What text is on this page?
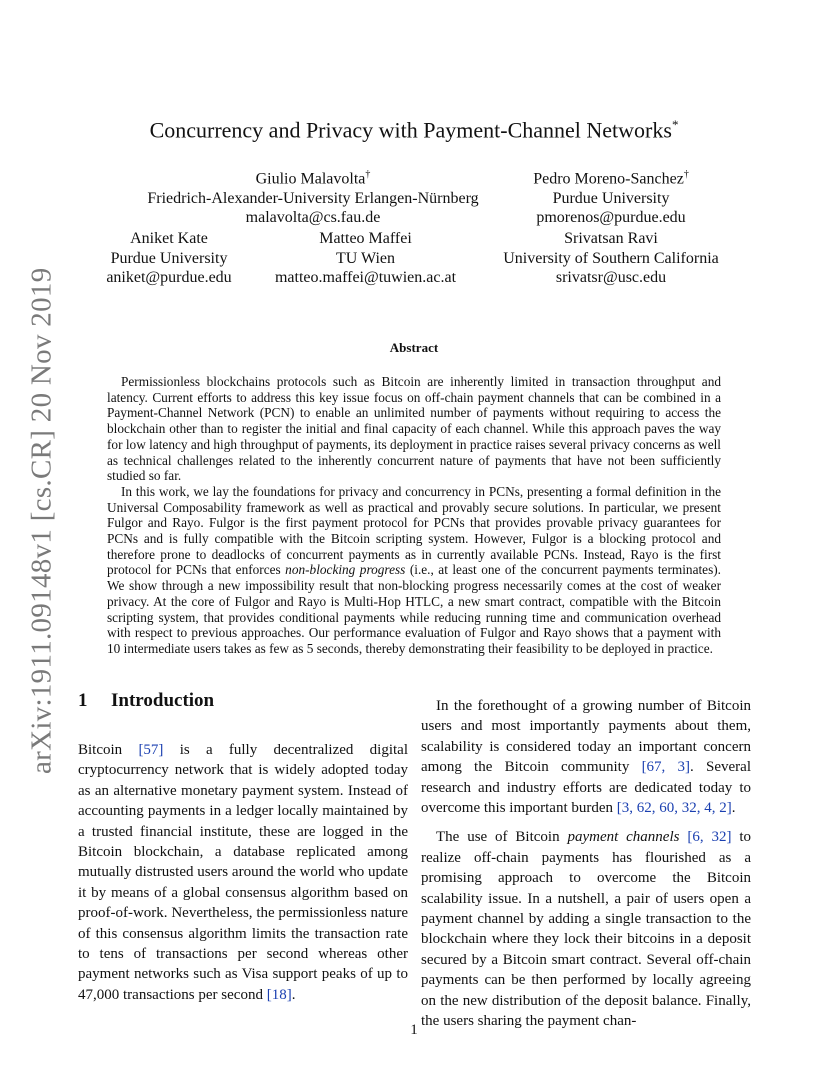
arXiv:1911.09148v1 [cs.CR] 20 Nov 2019
Concurrency and Privacy with Payment-Channel Networks*
Giulio Malavolta†
Friedrich-Alexander-University Erlangen-Nürnberg
malavolta@cs.fau.de
Pedro Moreno-Sanchez†
Purdue University
pmorenos@purdue.edu
Aniket Kate
Purdue University
aniket@purdue.edu
Matteo Maffei
TU Wien
matteo.maffei@tuwien.ac.at
Srivatsan Ravi
University of Southern California
srivatsr@usc.edu
Abstract

Permissionless blockchains protocols such as Bitcoin are inherently limited in transaction throughput and latency. Current efforts to address this key issue focus on off-chain payment channels that can be combined in a Payment-Channel Network (PCN) to enable an unlimited number of payments without requiring to access the blockchain other than to register the initial and final capacity of each channel. While this approach paves the way for low latency and high throughput of payments, its deployment in practice raises several privacy concerns as well as technical challenges related to the inherently concurrent nature of payments that have not been sufficiently studied so far.

In this work, we lay the foundations for privacy and concurrency in PCNs, presenting a formal definition in the Universal Composability framework as well as practical and provably secure solutions. In particular, we present Fulgor and Rayo. Fulgor is the first payment protocol for PCNs that provides provable privacy guarantees for PCNs and is fully compatible with the Bitcoin scripting system. However, Fulgor is a blocking protocol and therefore prone to deadlocks of concurrent payments as in currently available PCNs. Instead, Rayo is the first protocol for PCNs that enforces non-blocking progress (i.e., at least one of the concurrent payments terminates). We show through a new impossibility result that non-blocking progress necessarily comes at the cost of weaker privacy. At the core of Fulgor and Rayo is Multi-Hop HTLC, a new smart contract, compatible with the Bitcoin scripting system, that provides conditional payments while reducing running time and communication overhead with respect to previous approaches. Our performance evaluation of Fulgor and Rayo shows that a payment with 10 intermediate users takes as few as 5 seconds, thereby demonstrating their feasibility to be deployed in practice.

1 Introduction

Bitcoin [57] is a fully decentralized digital cryptocurrency network that is widely adopted today as an alternative monetary payment system. Instead of accounting payments in a ledger locally maintained by a trusted financial institute, these are logged in the Bitcoin blockchain, a database replicated among mutually distrusted users around the world who update it by means of a global consensus algorithm based on proof-of-work. Nevertheless, the permissionless nature of this consensus algorithm limits the transaction rate to tens of transactions per second whereas other payment networks such as Visa support peaks of up to 47,000 transactions per second [18].

In the forethought of a growing number of Bitcoin users and most importantly payments about them, scalability is considered today an important concern among the Bitcoin community [67, 3]. Several research and industry efforts are dedicated today to overcome this important burden [3, 62, 60, 32, 4, 2].

The use of Bitcoin payment channels [6, 32] to realize off-chain payments has flourished as a promising approach to overcome the Bitcoin scalability issue. In a nutshell, a pair of users open a payment channel by adding a single transaction to the blockchain where they lock their bitcoins in a deposit secured by a Bitcoin smart contract. Several off-chain payments can be then performed by locally agreeing on the new distribution of the deposit balance. Finally, the users sharing the payment chan-

1
